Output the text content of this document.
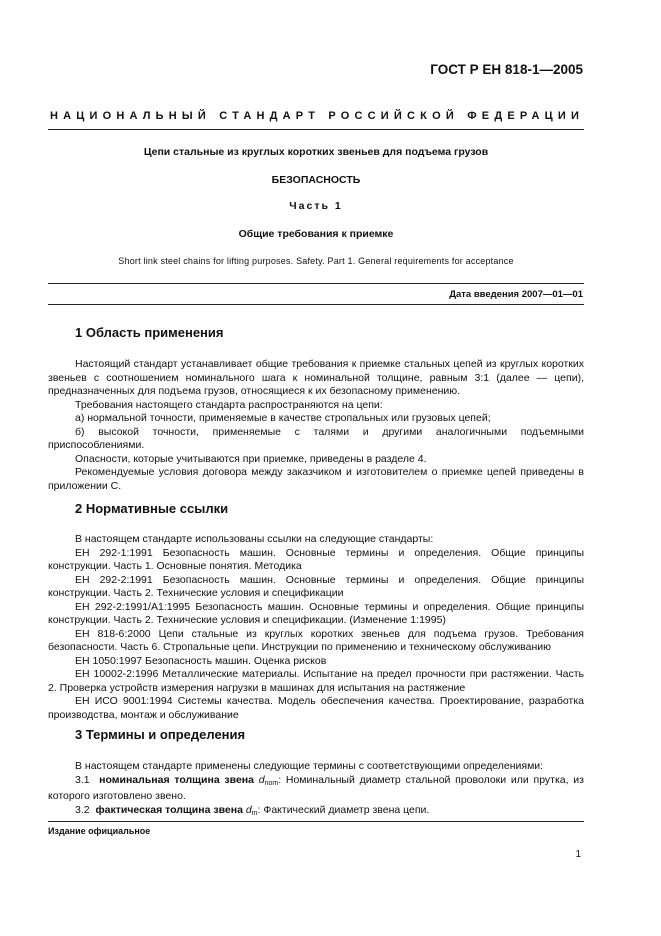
ГОСТ Р ЕН 818-1—2005
НАЦИОНАЛЬНЫЙ СТАНДАРТ РОССИЙСКОЙ ФЕДЕРАЦИИ
Цепи стальные из круглых коротких звеньев для подъема грузов
БЕЗОПАСНОСТЬ
Часть 1
Общие требования к приемке
Short link steel chains for lifting purposes. Safety. Part 1. General requirements for acceptance
Дата введения 2007—01—01
1 Область применения

Настоящий стандарт устанавливает общие требования к приемке стальных цепей из круглых коротких звеньев с соотношением номинального шага к номинальной толщине, равным 3:1 (далее — цепи), предназначенных для подъема грузов, относящиеся к их безопасному применению.

Требования настоящего стандарта распространяются на цепи:

а) нормальной точности, применяемые в качестве стропальных или грузовых цепей;

б) высокой точности, применяемые с талями и другими аналогичными подъемными приспособлениями.

Опасности, которые учитываются при приемке, приведены в разделе 4.

Рекомендуемые условия договора между заказчиком и изготовителем о приемке цепей приведены в приложении С.

2 Нормативные ссылки

В настоящем стандарте использованы ссылки на следующие стандарты:

ЕН 292-1:1991 Безопасность машин. Основные термины и определения. Общие принципы конструкции. Часть 1. Основные понятия. Методика

ЕН 292-2:1991 Безопасность машин. Основные термины и определения. Общие принципы конструкции. Часть 2. Технические условия и спецификации

ЕН 292-2:1991/А1:1995 Безопасность машин. Основные термины и определения. Общие принципы конструкции. Часть 2. Технические условия и спецификации. (Изменение 1:1995)

ЕН 818-6:2000 Цепи стальные из круглых коротких звеньев для подъема грузов. Требования безопасности. Часть 6. Стропальные цепи. Инструкции по применению и техническому обслуживанию

ЕН 1050:1997 Безопасность машин. Оценка рисков

ЕН 10002-2:1996 Металлические материалы. Испытание на предел прочности при растяжении. Часть 2. Проверка устройств измерения нагрузки в машинах для испытания на растяжение

ЕН ИСО 9001:1994 Системы качества. Модель обеспечения качества. Проектирование, разработка производства, монтаж и обслуживание

3 Термины и определения

В настоящем стандарте применены следующие термины с соответствующими определениями:

3.1 номинальная толщина звена $d_{nom}$: Номинальный диаметр стальной проволоки или прутка, из которого изготовлено звено.

3.2 фактическая толщина звена $d_m$: Фактический диаметр звена цепи.

Издание официальное
1
